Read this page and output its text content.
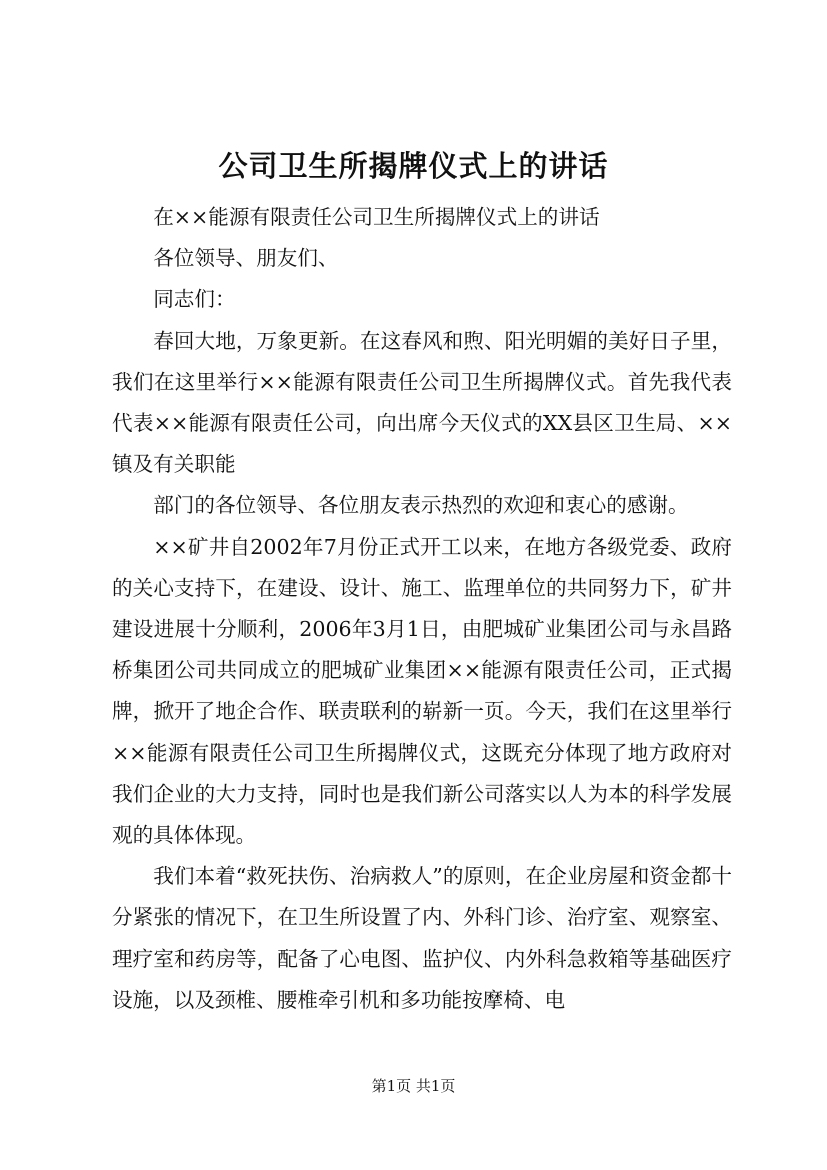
公司卫生所揭牌仪式上的讲话

在××能源有限责任公司卫生所揭牌仪式上的讲话

各位领导、朋友们、

同志们：

春回大地，万象更新。在这春风和煦、阳光明媚的美好日子里，我们在这里举行××能源有限责任公司卫生所揭牌仪式。首先我代表代表××能源有限责任公司，向出席今天仪式的XX县区卫生局、××镇及有关职能

部门的各位领导、各位朋友表示热烈的欢迎和衷心的感谢。

××矿井自2002年7月份正式开工以来，在地方各级党委、政府的关心支持下，在建设、设计、施工、监理单位的共同努力下，矿井建设进展十分顺利，2006年3月1日，由肥城矿业集团公司与永昌路桥集团公司共同成立的肥城矿业集团××能源有限责任公司，正式揭牌，掀开了地企合作、联责联利的崭新一页。今天，我们在这里举行××能源有限责任公司卫生所揭牌仪式，这既充分体现了地方政府对我们企业的大力支持，同时也是我们新公司落实以人为本的科学发展观的具体体现。

我们本着“救死扶伤、治病救人”的原则，在企业房屋和资金都十分紧张的情况下，在卫生所设置了内、外科门诊、治疗室、观察室、理疗室和药房等，配备了心电图、监护仪、内外科急救箱等基础医疗设施，以及颈椎、腰椎牵引机和多功能按摩椅、电

第1页 共1页
